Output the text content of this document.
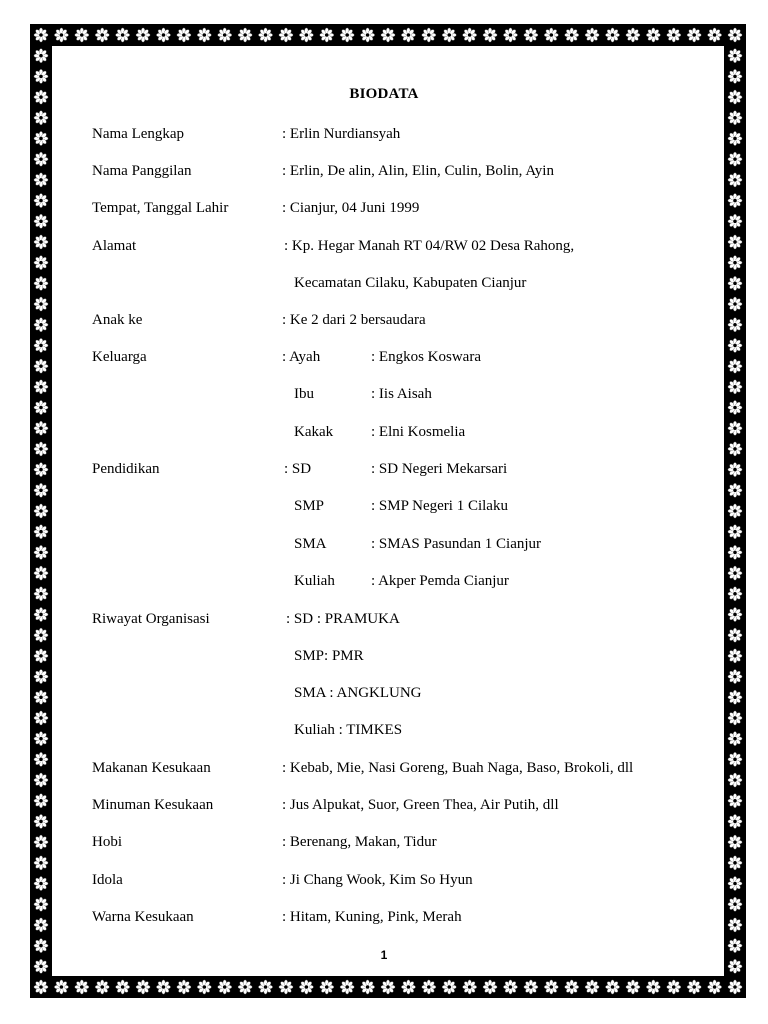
BIODATA
Nama Lengkap	: Erlin Nurdiansyah
Nama Panggilan	: Erlin, De alin, Alin, Elin, Culin, Bolin, Ayin
Tempat, Tanggal Lahir	: Cianjur, 04 Juni 1999
Alamat	: Kp. Hegar Manah RT 04/RW 02 Desa Rahong,
Kecamatan Cilaku, Kabupaten Cianjur
Anak ke	: Ke 2 dari 2 bersaudara
Keluarga	: Ayah	: Engkos Koswara
Ibu	: Iis Aisah
Kakak	: Elni Kosmelia
Pendidikan	: SD	: SD Negeri Mekarsari
SMP	: SMP Negeri 1 Cilaku
SMA	: SMAS Pasundan 1 Cianjur
Kuliah : Akper Pemda Cianjur
Riwayat Organisasi	: SD : PRAMUKA
SMP: PMR
SMA : ANGKLUNG
Kuliah : TIMKES
Makanan Kesukaan	: Kebab, Mie, Nasi Goreng, Buah Naga, Baso, Brokoli, dll
Minuman Kesukaan	: Jus Alpukat, Suor, Green Thea, Air Putih, dll
Hobi	: Berenang, Makan, Tidur
Idola	: Ji Chang Wook, Kim So Hyun
Warna Kesukaan	: Hitam, Kuning, Pink, Merah
1
